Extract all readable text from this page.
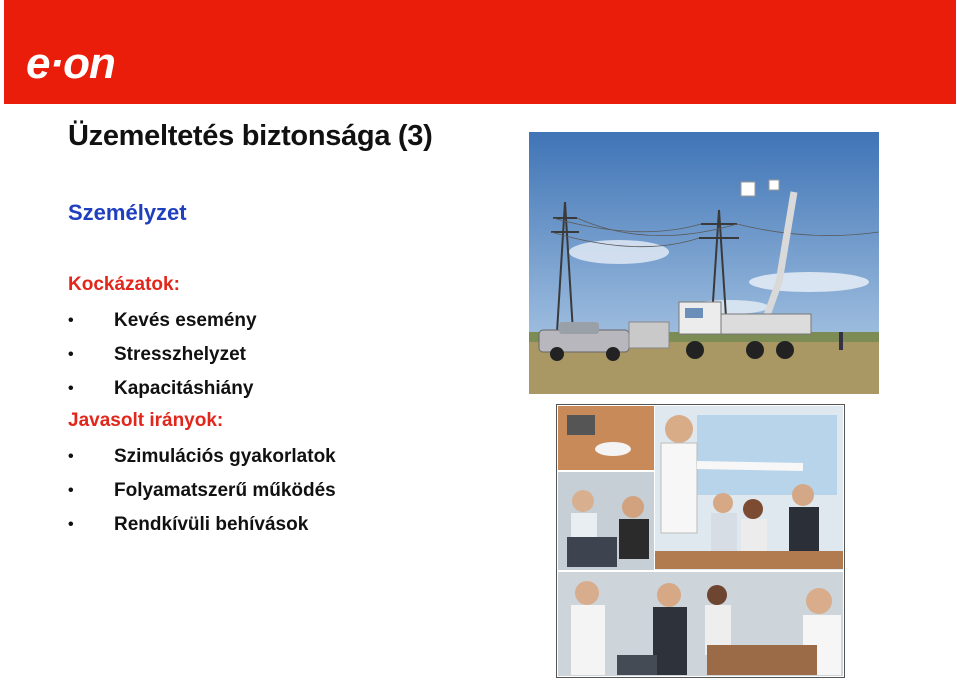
e·on
Üzemeltetés biztonsága (3)
Személyzet
Kockázatok:
•	Kevés esemény
•	Stresszhelyzet
•	Kapacitáshiány
Javasolt irányok:
•	Szimulációs gyakorlatok
•	Folyamatszerű működés
•	Rendkívüli behívások
